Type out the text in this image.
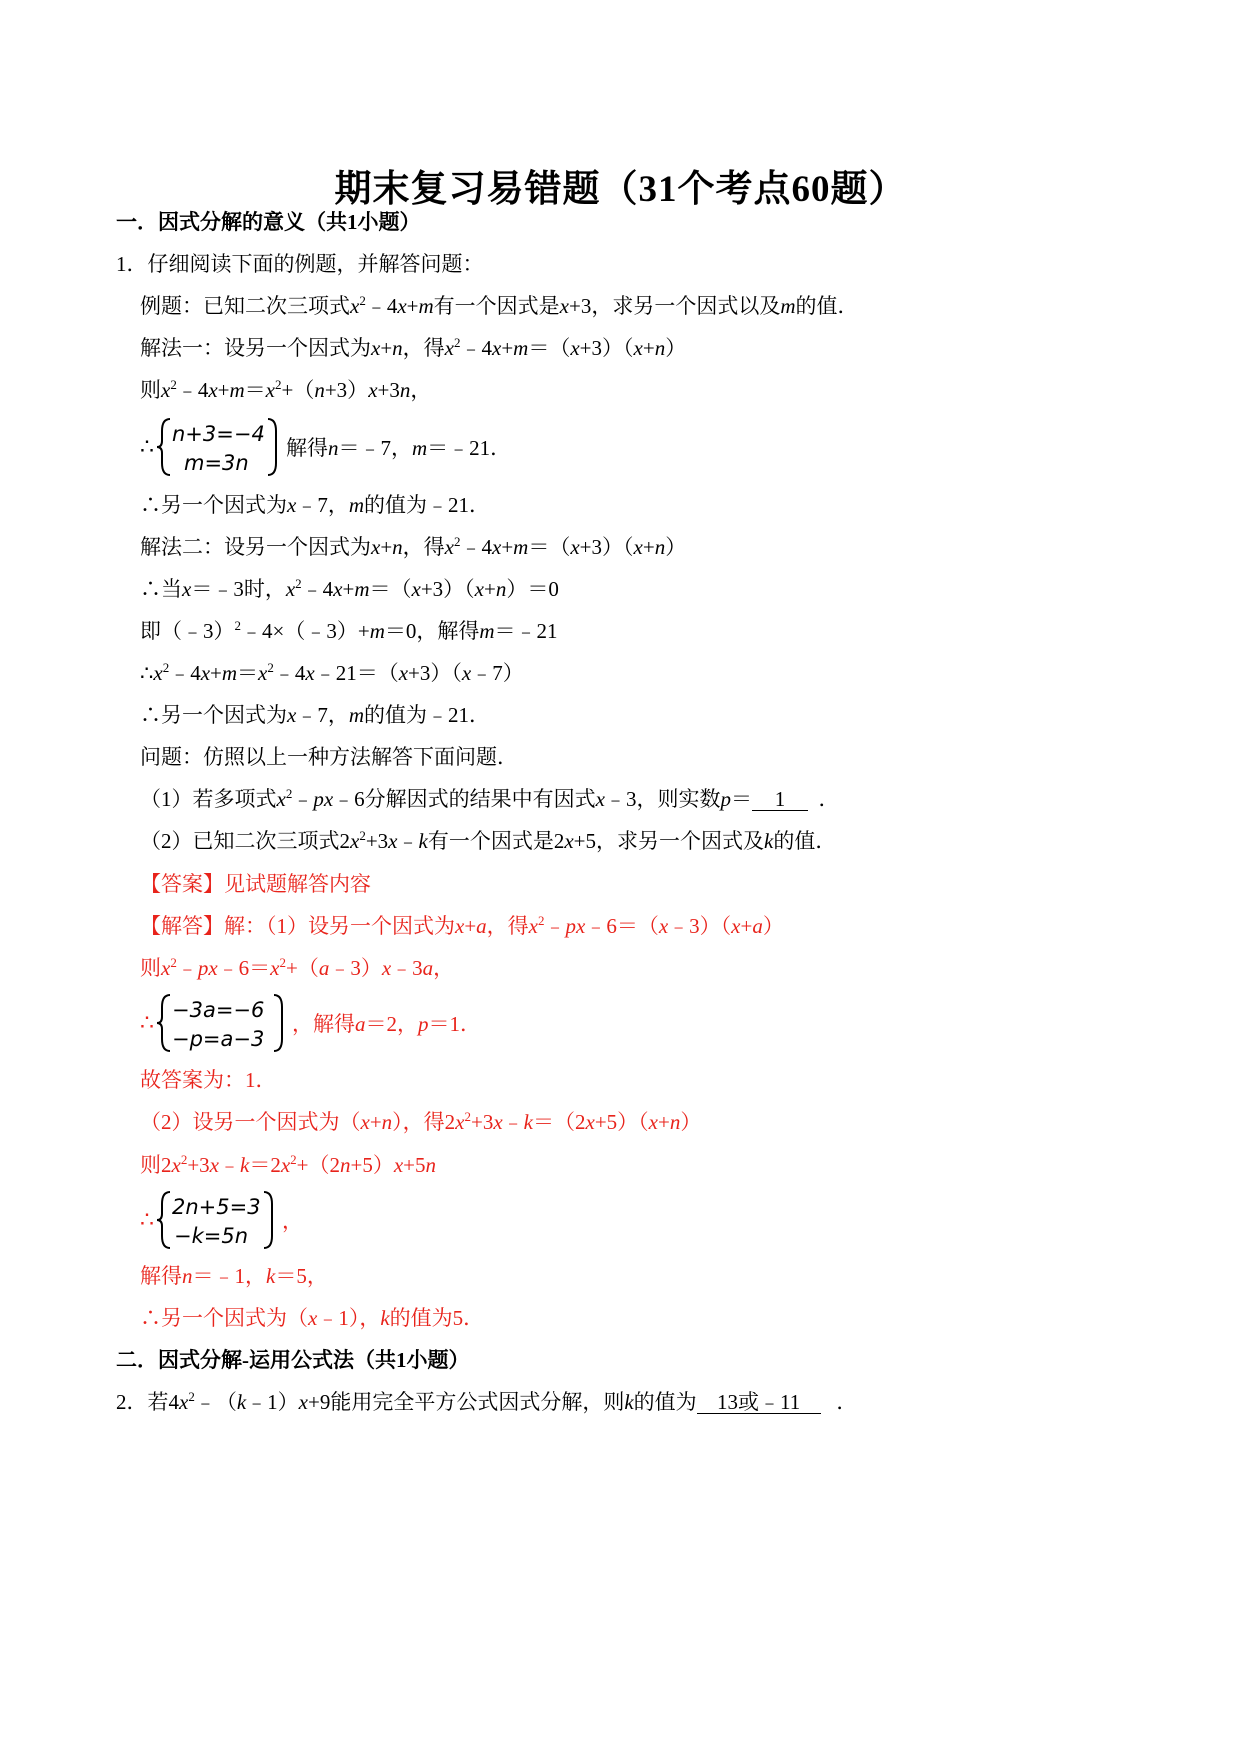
期末复习易错题（31个考点60题）
一．因式分解的意义（共1小题）
1．仔细阅读下面的例题，并解答问题：
例题：已知二次三项式$x^2﹣4x+m$有一个因式是x+3，求另一个因式以及m的值．
解法一：设另一个因式为x+n，得$x^2﹣4x+m=(x+3)(x+n)$
则$x^2﹣4x+m=x^2+(n+3)x+3n$，
∴ n+3=−4
m=3n
解得n＝﹣7，m＝﹣21．
∴另一个因式为x﹣7，m的值为﹣21．
解法二：设另一个因式为x+n，得$x^2﹣4x+m=(x+3)(x+n)$
∴当x＝﹣3时，$x^2﹣4x+m=(x+3)(x+n)=0$
即（﹣3）$^2$﹣4×（﹣3）+m＝0，解得m＝﹣21
$\therefore x^2﹣4x+m=x^2﹣4x﹣21=(x+3)(x﹣7)$
∴另一个因式为x﹣7，m的值为﹣21．
问题：仿照以上一种方法解答下面问题．
（1）若多项式$x^2﹣px﹣6$分解因式的结果中有因式x﹣3，则实数p＝ 1  ．
（2）已知二次三项式$2x^2+3x﹣k$有一个因式是2x+5，求另一个因式及k的值．
【答案】见试题解答内容
【解答】解：（1）设另一个因式为x+a，得$x^2﹣px﹣6=(x﹣3)(x+a)$
则$x^2﹣px﹣6=x^2+(a﹣3)x﹣3a$，
∴ −3a=−6
−p=a−3
，解得a＝2，p＝1．
故答案为：1．
（2）设另一个因式为（x+n），得$2x^2+3x﹣k=(2x+5)(x+n)$
则$2x^2+3x﹣k=2x^2+(2n+5)x+5n$
∴ 2n+5=3
−k=5n
，
解得n＝﹣1，k＝5，
∴另一个因式为（x﹣1），k的值为5．
二．因式分解-运用公式法（共1小题）
2．若$4x^2﹣(k﹣1)x+9$能用完全平方公式因式分解，则k的值为 13或﹣11   ．
